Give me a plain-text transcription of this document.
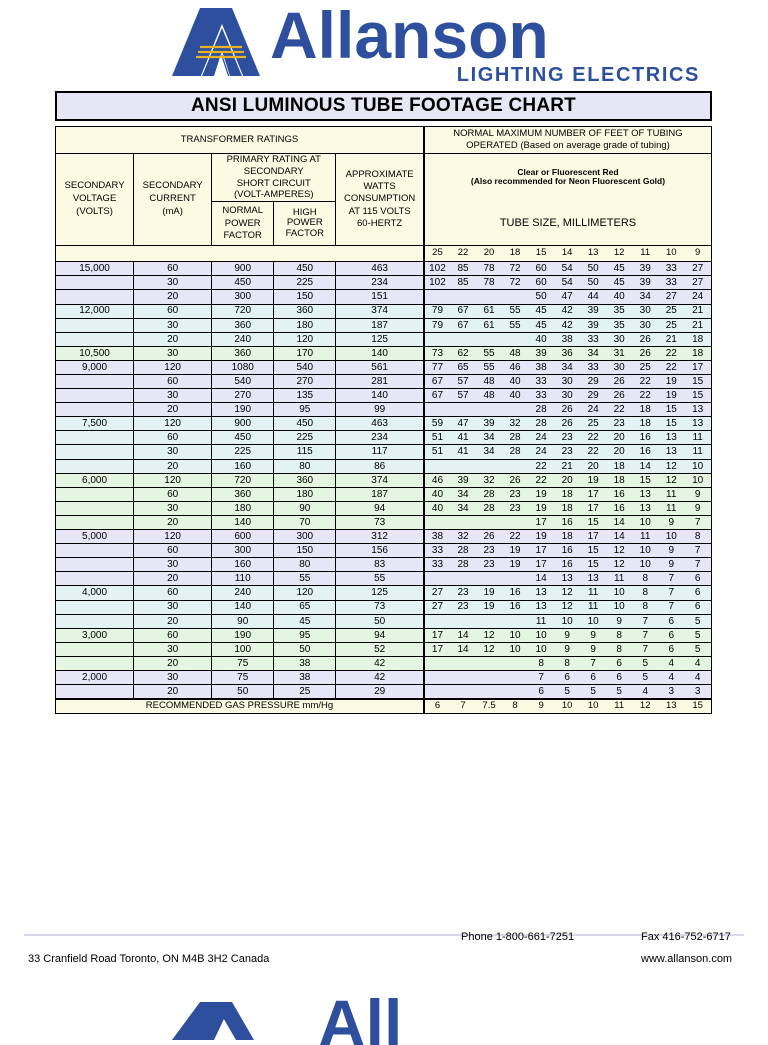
Allanson
LIGHTING ELECTRICS
ANSI LUMINOUS TUBE FOOTAGE CHART
TRANSFORMER RATINGS					NORMAL MAXIMUM NUMBER OF FEET OF TUBING
OPERATED (Based on average grade of tubing)										

SECONDARY
VOLTAGE
(VOLTS)

SECONDARY
CURRENT
(mA)

PRIMARY RATING AT
SECONDARY
SHORT CIRCUIT
(VOLT-AMPERES)

APPROXIMATE
WATTS
CONSUMPTION
AT 115 VOLTS
60-HERTZ

Clear or Fluorescent Red
(Also recommended for Neon Fluorescent Gold)
TUBE SIZE, MILLIMETERS

NORMAL
POWER
FACTOR

HIGH
POWER
FACTOR

					25	22	20	18	15	14	13	12	11	10	9
15,000	60	900	450	463	102	85	78	72	60	54	50	45	39	33	27
	30	450	225	234	102	85	78	72	60	54	50	45	39	33	27
	20	300	150	151					50	47	44	40	34	27	24
12,000	60	720	360	374	79	67	61	55	45	42	39	35	30	25	21
	30	360	180	187	79	67	61	55	45	42	39	35	30	25	21
	20	240	120	125					40	38	33	30	26	21	18
10,500	30	360	170	140	73	62	55	48	39	36	34	31	26	22	18
9,000	120	1080	540	561	77	65	55	46	38	34	33	30	25	22	17
	60	540	270	281	67	57	48	40	33	30	29	26	22	19	15
	30	270	135	140	67	57	48	40	33	30	29	26	22	19	15
	20	190	95	99					28	26	24	22	18	15	13
7,500	120	900	450	463	59	47	39	32	28	26	25	23	18	15	13
	60	450	225	234	51	41	34	28	24	23	22	20	16	13	11
	30	225	115	117	51	41	34	28	24	23	22	20	16	13	11
	20	160	80	86					22	21	20	18	14	12	10
6,000	120	720	360	374	46	39	32	26	22	20	19	18	15	12	10
	60	360	180	187	40	34	28	23	19	18	17	16	13	11	9
	30	180	90	94	40	34	28	23	19	18	17	16	13	11	9
	20	140	70	73					17	16	15	14	10	9	7
5,000	120	600	300	312	38	32	26	22	19	18	17	14	11	10	8
	60	300	150	156	33	28	23	19	17	16	15	12	10	9	7
	30	160	80	83	33	28	23	19	17	16	15	12	10	9	7
	20	110	55	55					14	13	13	11	8	7	6
4,000	60	240	120	125	27	23	19	16	13	12	11	10	8	7	6
	30	140	65	73	27	23	19	16	13	12	11	10	8	7	6
	20	90	45	50					11	10	10	9	7	6	5
3,000	60	190	95	94	17	14	12	10	10	9	9	8	7	6	5
	30	100	50	52	17	14	12	10	10	9	9	8	7	6	5
	20	75	38	42					8	8	7	6	5	4	4
2,000	30	75	38	42					7	6	6	6	5	4	4
	20	50	25	29					6	5	5	5	4	3	3
RECOMMENDED GAS PRESSURE mm/Hg					6	7	7.5	8	9	10	10	11	12	13	15
Phone 1-800-661-7251	Fax 416-752-6717
33 Cranfield Road Toronto, ON M4B 3H2 Canada	www.allanson.com
All
